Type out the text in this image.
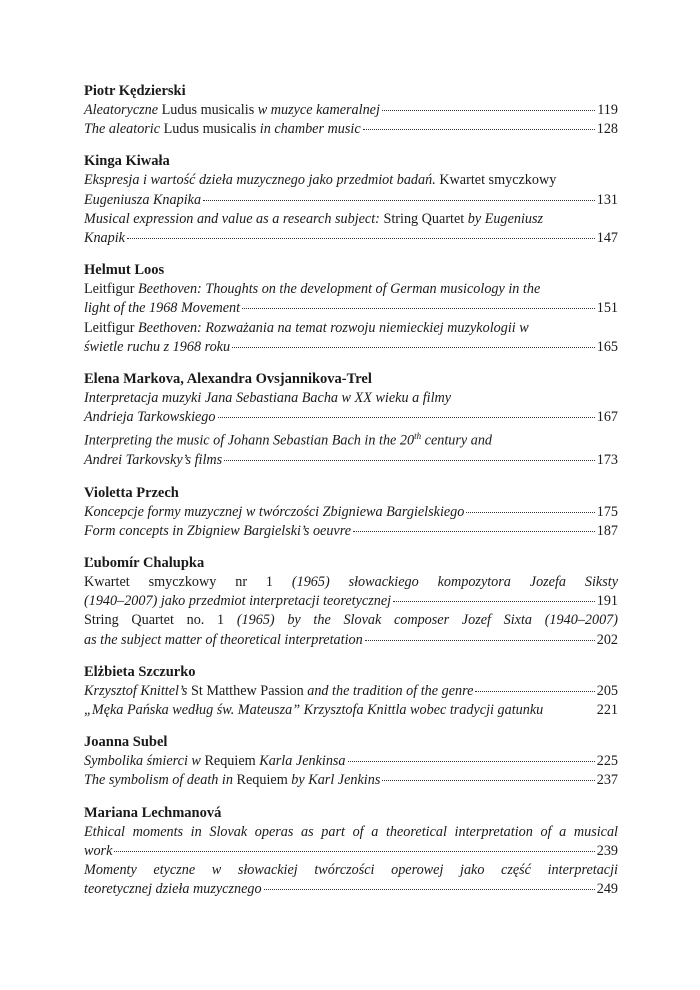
Piotr Kędzierski
Aleatoryczne Ludus musicalis w muzyce kameralnej	119
The aleatoric Ludus musicalis in chamber music	128
Kinga Kiwała
Ekspresja i wartość dzieła muzycznego jako przedmiot badań. Kwartet smyczkowy
Eugeniusza Knapika	131
Musical expression and value as a research subject: String Quartet by Eugeniusz
Knapik	147
Helmut Loos
Leitfigur Beethoven: Thoughts on the development of German musicology in the
light of the 1968 Movement	151
Leitfigur Beethoven: Rozważania na temat rozwoju niemieckiej muzykologii w
świetle ruchu z 1968 roku	165
Elena Markova, Alexandra Ovsjannikova-Trel
Interpretacja muzyki Jana Sebastiana Bacha w XX wieku a filmy
Andrieja Tarkowskiego	167
Interpreting the music of Johann Sebastian Bach in the 20th century and
Andrei Tarkovsky’s films	173
Violetta Przech
Koncepcje formy muzycznej w twórczości Zbigniewa Bargielskiego	175
Form concepts in Zbigniew Bargielski’s oeuvre	187
Ľubomír Chalupka
Kwartet smyczkowy nr 1 (1965) słowackiego kompozytora Jozefa Siksty
(1940–2007) jako przedmiot interpretacji teoretycznej	191
String Quartet no. 1 (1965) by the Slovak composer Jozef Sixta (1940–2007)
as the subject matter of theoretical interpretation	202
Elżbieta Szczurko
Krzysztof Knittel’s St Matthew Passion and the tradition of the genre	205
„Męka Pańska według św. Mateusza” Krzysztofa Knittla wobec tradycji gatunku	221
Joanna Subel
Symbolika śmierci w Requiem Karla Jenkinsa	225
The symbolism of death in Requiem by Karl Jenkins	237
Mariana Lechmanová
Ethical moments in Slovak operas as part of a theoretical interpretation of a musical
work	239
Momenty etyczne w słowackiej twórczości operowej jako część interpretacji
teoretycznej dzieła muzycznego	249
